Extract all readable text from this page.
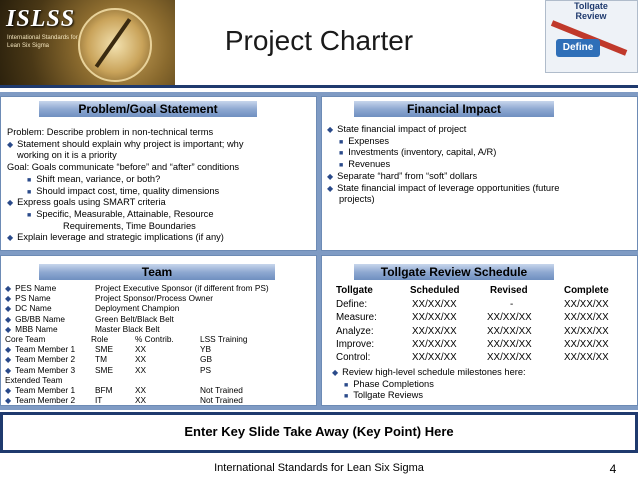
ISLSS
International Standards for Lean Six Sigma	Project Charter
Tollgate Review
Define
Problem/Goal Statement
Problem: Describe problem in non-technical terms
◆ Statement should explain why project is important; why
working on it is a priority
Goal: Goals communicate “before” and “after” conditions
■ Shift mean, variance, or both?
■ Should impact cost, time, quality dimensions
◆ Express goals using SMART criteria
■ Specific, Measurable, Attainable, Resource
Requirements, Time Boundaries
◆ Explain leverage and strategic implications (if any)
Financial Impact
◆ State financial impact of project
■ Expenses
■ Investments (inventory, capital, A/R)
■ Revenues
◆ Separate “hard” from “soft” dollars
◆ State financial impact of leverage opportunities (future
projects)
Team
◆ PES Name	Project Executive Sponsor (if different from PS)
◆ PS Name	Project Sponsor/Process Owner
◆ DC Name	Deployment Champion
◆ GB/BB Name	Green Belt/Black Belt
◆ MBB Name	Master Black Belt
Core Team	Role	% Contrib.	LSS Training
◆ Team Member 1 SME	XX	YB
◆ Team Member 2 TM	XX	GB
◆ Team Member 3 SME	XX	PS
Extended Team
◆ Team Member 1 BFM	XX	Not Trained
◆ Team Member 2 IT	XX	Not Trained
Tollgate Review Schedule
Tollgate	Scheduled	Revised	Complete
Define:	XX/XX/XX	-	XX/XX/XX
Measure:	XX/XX/XX	XX/XX/XX	XX/XX/XX
Analyze:	XX/XX/XX	XX/XX/XX	XX/XX/XX
Improve:	XX/XX/XX	XX/XX/XX	XX/XX/XX
Control:	XX/XX/XX	XX/XX/XX	XX/XX/XX
◆ Review high-level schedule milestones here:
■ Phase Completions
■ Tollgate Reviews
Enter Key Slide Take Away (Key Point) Here
International Standards for Lean Six Sigma	4
